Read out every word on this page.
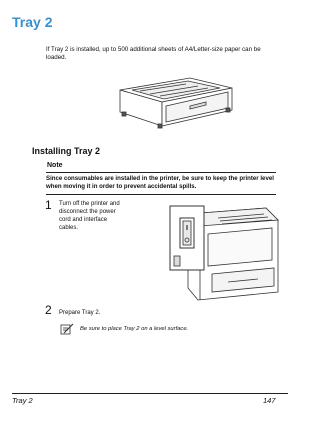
Tray 2
If Tray 2 is installed, up to 500 additional sheets of A4/Letter-size paper can be loaded.
Installing Tray 2
Note
Since consumables are installed in the printer, be sure to keep the printer level when moving it in order to prevent accidental spills.
1 Turn off the printer and disconnect the power cord and interface cables.
2 Prepare Tray 2.
Be sure to place Tray 2 on a level surface.
Tray 2	147
